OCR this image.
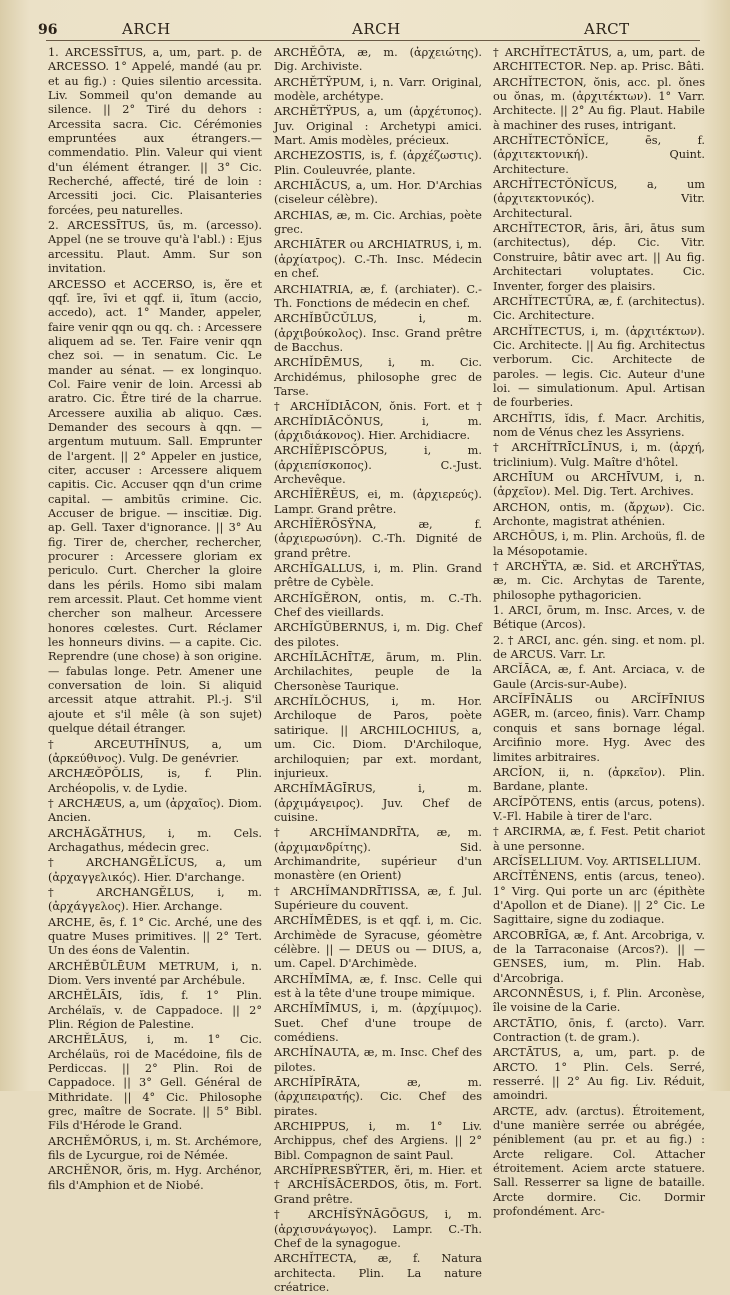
96	ARCH	ARCH	ARCT

1. ARCESSĪTUS, a, um, part. p. de ARCESSO. 1° Appelé, mandé (au pr. et au fig.) : Quies silentio arcessita. Liv. Sommeil qu'on demande au silence. || 2° Tiré du dehors : Arcessita sacra. Cic. Cérémonies empruntées aux étrangers.— commendatio. Plin. Valeur qui vient d'un élément étranger. || 3° Cic. Recherché, affecté, tiré de loin : Arcessiti joci. Cic. Plaisanteries forcées, peu naturelles.

2. ARCESSĪTUS, ūs, m. (arcesso). Appel (ne se trouve qu'à l'abl.) : Ejus arcessitu. Plaut. Amm. Sur son invitation.

ARCESSO et ACCERSO, is, ĕre et qqf. īre, īvi et qqf. ii, ītum (accio, accedo), act. 1° Mander, appeler, faire venir qqn ou qq. ch. : Arcessere aliquem ad se. Ter. Faire venir qqn chez soi. — in senatum. Cic. Le mander au sénat. — ex longinquo. Col. Faire venir de loin. Arcessi ab aratro. Cic. Être tiré de la charrue. Arcessere auxilia ab aliquo. Cæs. Demander des secours à qqn. — argentum mutuum. Sall. Emprunter de l'argent. || 2° Appeler en justice, citer, accuser : Arcessere aliquem capitis. Cic. Accuser qqn d'un crime capital. — ambitūs crimine. Cic. Accuser de brigue. — inscitiæ. Dig. ap. Gell. Taxer d'ignorance. || 3° Au fig. Tirer de, chercher, rechercher, procurer : Arcessere gloriam ex periculo. Curt. Chercher la gloire dans les périls. Homo sibi malam rem arcessit. Plaut. Cet homme vient chercher son malheur. Arcessere honores cœlestes. Curt. Réclamer les honneurs divins. — a capite. Cic. Reprendre (une chose) à son origine. — fabulas longe. Petr. Amener une conversation de loin. Si aliquid arcessit atque attrahit. Pl.-j. S'il ajoute et s'il mêle (à son sujet) quelque détail étranger.

† ARCEUTHĪNUS, a, um (ἀρκεύθινος). Vulg. De genévrier.

ARCHÆŎPŎLIS, is, f. Plin. Archéopolis, v. de Lydie.

† ARCHÆUS, a, um (ἀρχαῖος). Diom. Ancien.

ARCHĂGĂTHUS, i, m. Cels. Archagathus, médecin grec.

† ARCHANGĔLĬCUS, a, um (ἀρχαγγελικός). Hier. D'archange.

† ARCHANGĔLUS, i, m. (ἀρχάγγελος). Hier. Archange.

ARCHE, ēs, f. 1° Cic. Arché, une des quatre Muses primitives. || 2° Tert. Un des éons de Valentin.

ARCHĔBŪLĒUM METRUM, i, n. Diom. Vers inventé par Archébule.

ARCHĔLĀIS, ĭdis, f. 1° Plin. Archélaïs, v. de Cappadoce. || 2° Plin. Région de Palestine.

ARCHĔLĀUS, i, m. 1° Cic. Archélaüs, roi de Macédoine, fils de Perdiccas. || 2° Plin. Roi de Cappadoce. || 3° Gell. Général de Mithridate. || 4° Cic. Philosophe grec, maître de Socrate. || 5° Bibl. Fils d'Hérode le Grand.

ARCHĔMŎRUS, i, m. St. Archémore, fils de Lycurgue, roi de Némée.

ARCHĔNOR, ŏris, m. Hyg. Archénor, fils d'Amphion et de Niobé.

ARCHĔŌTA, æ, m. (ἀρχειώτης). Dig. Archiviste.

ARCHĔTŸPUM, i, n. Varr. Original, modèle, archétype.

ARCHĔTŸPUS, a, um (ἀρχέτυπος). Juv. Original : Archetypi amici. Mart. Amis modèles, précieux.

ARCHEZOSTIS, is, f. (ἀρχέζωστις). Plin. Couleuvrée, plante.

ARCHIĂCUS, a, um. Hor. D'Archias (ciseleur célèbre).

ARCHIAS, æ, m. Cic. Archias, poète grec.

ARCHIĀTER ou ARCHIATRUS, i, m. (ἀρχίατρος). C.-Th. Insc. Médecin en chef.

ARCHIATRIA, æ, f. (archiater). C.-Th. Fonctions de médecin en chef.

ARCHĬBŪCŬLUS, i, m. (ἀρχιβούκολος). Insc. Grand prêtre de Bacchus.

ARCHĬDĒMUS, i, m. Cic. Archidémus, philosophe grec de Tarse.

† ARCHĬDIĀCON, ŏnis. Fort. et † ARCHĬDIĀCŎNUS, i, m. (ἀρχιδιάκονος). Hier. Archidiacre.

ARCHĬĔPISCŎPUS, i, m. (ἀρχιεπίσκοπος). C.-Just. Archevêque.

ARCHĬĔRĔUS, ei, m. (ἀρχιερεύς). Lampr. Grand prêtre.

ARCHĬĔRŌSŸNA, æ, f. (ἀρχιερωσύνη). C.-Th. Dignité de grand prêtre.

ARCHĬGALLUS, i, m. Plin. Grand prêtre de Cybèle.

ARCHĬGĔRON, ontis, m. C.-Th. Chef des vieillards.

ARCHĬGŬBERNUS, i, m. Dig. Chef des pilotes.

ARCHĬLĀCHĪTÆ, ārum, m. Plin. Archilachites, peuple de la Chersonèse Taurique.

ARCHĬLŎCHUS, i, m. Hor. Archiloque de Paros, poète satirique. || ARCHILOCHIUS, a, um. Cic. Diom. D'Archiloque, archiloquien; par ext. mordant, injurieux.

ARCHĬMĀGĪRUS, i, m. (ἀρχιμάγειρος). Juv. Chef de cuisine.

† ARCHĬMANDRĪTA, æ, m. (ἀρχιμανδρίτης). Sid. Archimandrite, supérieur d'un monastère (en Orient)

† ARCHĬMANDRĪTISSA, æ, f. Jul. Supérieure du couvent.

ARCHĬMĒDES, is et qqf. i, m. Cic. Archimède de Syracuse, géomètre célèbre. || — DEUS ou — DIUS, a, um. Capel. D'Archimède.

ARCHĬMĪMA, æ, f. Insc. Celle qui est à la tête d'une troupe mimique.

ARCHĬMĪMUS, i, m. (ἀρχίμιμος). Suet. Chef d'une troupe de comédiens.

ARCHĬNAUTA, æ, m. Insc. Chef des pilotes.

ARCHĬPĪRĀTA, æ, m. (ἀρχιπειρατής). Cic. Chef des pirates.

ARCHIPPUS, i, m. 1° Liv. Archippus, chef des Argiens. || 2° Bibl. Compagnon de saint Paul.

ARCHĬPRESBŸTER, ĕri, m. Hier. et † ARCHĬSĀCERDOS, ōtis, m. Fort. Grand prêtre.

† ARCHĬSŸNĀGŌGUS, i, m. (ἀρχισυνάγωγος). Lampr. C.-Th. Chef de la synagogue.

ARCHĬTECTA, æ, f. Natura architecta. Plin. La nature créatrice.

† ARCHĬTECTĀTUS, a, um, part. de ARCHITECTOR. Nep. ap. Prisc. Bâti.

ARCHĬTECTON, ŏnis, acc. pl. ŏnes ou ŏnas, m. (ἀρχιτέκτων). 1° Varr. Architecte. || 2° Au fig. Plaut. Habile à machiner des ruses, intrigant.

ARCHĬTECTŎNĬCE, ēs, f. (ἀρχιτεκτονική). Quint. Architecture.

ARCHĬTECTŎNĬCUS, a, um (ἀρχιτεκτονικός). Vitr. Architectural.

ARCHĬTECTOR, āris, āri, ātus sum (architectus), dép. Cic. Vitr. Construire, bâtir avec art. || Au fig. Architectari voluptates. Cic. Inventer, forger des plaisirs.

ARCHĬTECTŪRA, æ, f. (architectus). Cic. Architecture.

ARCHĬTECTUS, i, m. (ἀρχιτέκτων). Cic. Architecte. || Au fig. Architectus verborum. Cic. Architecte de paroles. — legis. Cic. Auteur d'une loi. — simulationum. Apul. Artisan de fourberies.

ARCHĬTIS, ĭdis, f. Macr. Architis, nom de Vénus chez les Assyriens.

† ARCHĬTRĪCLĪNUS, i, m. (ἀρχή, triclinium). Vulg. Maître d'hôtel.

ARCHĪUM ou ARCHĪVUM, i, n. (ἀρχεῖον). Mel. Dig. Tert. Archives.

ARCHON, ontis, m. (ἄρχων). Cic. Archonte, magistrat athénien.

ARCHŌUS, i, m. Plin. Archoüs, fl. de la Mésopotamie.

† ARCHŸTA, æ. Sid. et ARCHŸTAS, æ, m. Cic. Archytas de Tarente, philosophe pythagoricien.

1. ARCI, ōrum, m. Insc. Arces, v. de Bétique (Arcos).

2. † ARCI, anc. gén. sing. et nom. pl. de ARCUS. Varr. Lr.

ARCĬĀCA, æ, f. Ant. Arciaca, v. de Gaule (Arcis-sur-Aube).

ARCĬFĪNĀLIS ou ARCĬFĪNIUS AGER, m. (arceo, finis). Varr. Champ conquis et sans bornage légal. Arcifinio more. Hyg. Avec des limites arbitraires.

ARCĬON, ii, n. (ἀρκεῖον). Plin. Bardane, plante.

ARCĬPŎTENS, entis (arcus, potens). V.-Fl. Habile à tirer de l'arc.

† ARCIRMA, æ, f. Fest. Petit chariot à une personne.

ARCĬSELLIUM. Voy. ARTISELLIUM.

ARCĬTĔNENS, entis (arcus, teneo). 1° Virg. Qui porte un arc (épithète d'Apollon et de Diane). || 2° Cic. Le Sagittaire, signe du zodiaque.

ARCOBRĪGA, æ, f. Ant. Arcobriga, v. de la Tarraconaise (Arcos?). || — GENSES, ium, m. Plin. Hab. d'Arcobriga.

ARCONNĒSUS, i, f. Plin. Arconèse, île voisine de la Carie.

ARCTĀTIO, ōnis, f. (arcto). Varr. Contraction (t. de gram.).

ARCTĀTUS, a, um, part. p. de ARCTO. 1° Plin. Cels. Serré, resserré. || 2° Au fig. Liv. Réduit, amoindri.

ARCTE, adv. (arctus). Étroitement, d'une manière serrée ou abrégée, péniblement (au pr. et au fig.) : Arcte religare. Col. Attacher étroitement. Aciem arcte statuere. Sall. Resserrer sa ligne de bataille. Arcte dormire. Cic. Dormir profondément. Arc-
